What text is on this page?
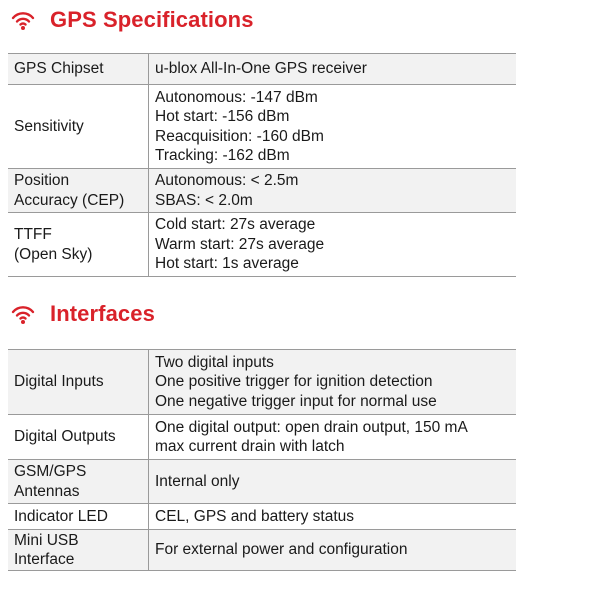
GPS Specifications
GPS Chipset	u-blox All-In-One GPS receiver

Sensitivity	Autonomous: -147 dBm
Hot start: -156 dBm
Reacquisition: -160 dBm
Tracking: -162 dBm

Position
Accuracy (CEP)	Autonomous: < 2.5m
SBAS: < 2.0m

TTFF
(Open Sky)	Cold start: 27s average
Warm start: 27s average
Hot start: 1s average
Interfaces
Digital Inputs	Two digital inputs
One positive trigger for ignition detection
One negative trigger input for normal use

Digital Outputs	One digital output: open drain output, 150 mA
max current drain with latch

GSM/GPS
Antennas	Internal only

Indicator LED	CEL, GPS and battery status

Mini USB
Interface	For external power and configuration
